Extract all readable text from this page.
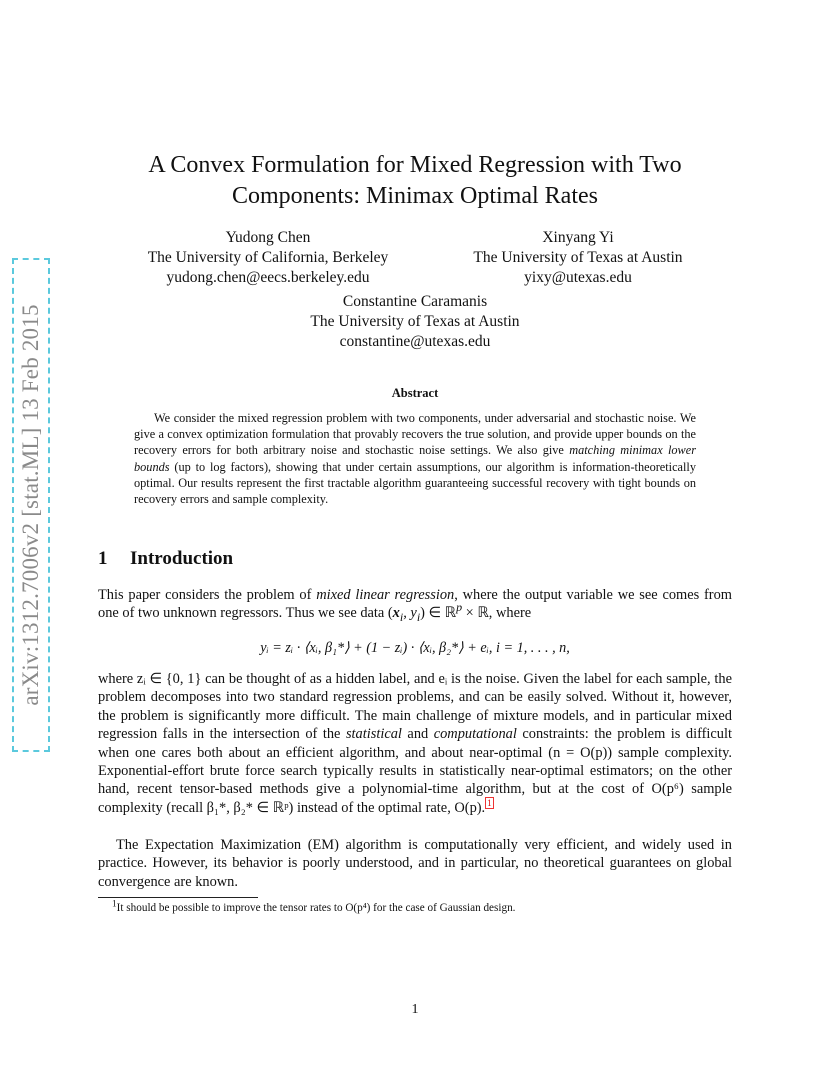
arXiv:1312.7006v2 [stat.ML] 13 Feb 2015
A Convex Formulation for Mixed Regression with Two
Components: Minimax Optimal Rates
Yudong Chen
The University of California, Berkeley
yudong.chen@eecs.berkeley.edu
Xinyang Yi
The University of Texas at Austin
yixy@utexas.edu
Constantine Caramanis
The University of Texas at Austin
constantine@utexas.edu
Abstract
We consider the mixed regression problem with two components, under adversarial and stochastic noise. We give a convex optimization formulation that provably recovers the true solution, and provide upper bounds on the recovery errors for both arbitrary noise and stochastic noise settings. We also give matching minimax lower bounds (up to log factors), showing that under certain assumptions, our algorithm is information-theoretically optimal. Our results represent the first tractable algorithm guaranteeing successful recovery with tight bounds on recovery errors and sample complexity.
1 Introduction
This paper considers the problem of mixed linear regression, where the output variable we see comes from one of two unknown regressors. Thus we see data ($x_i$, $y_i$) ∈ ℝ$^p$ × ℝ, where
yᵢ = zᵢ · ⟨xᵢ, β₁*⟩ + (1 − zᵢ) · ⟨xᵢ, β₂*⟩ + eᵢ, i = 1, . . . , n,
where zᵢ ∈ {0, 1} can be thought of as a hidden label, and eᵢ is the noise. Given the label for each sample, the problem decomposes into two standard regression problems, and can be easily solved. Without it, however, the problem is significantly more difficult. The main challenge of mixture models, and in particular mixed regression falls in the intersection of the statistical and computational constraints: the problem is difficult when one cares both about an efficient algorithm, and about near-optimal (n = O(p)) sample complexity. Exponential-effort brute force search typically results in statistically near-optimal estimators; on the other hand, recent tensor-based methods give a polynomial-time algorithm, but at the cost of O(p⁶) sample complexity (recall β₁*, β₂* ∈ ℝᵖ) instead of the optimal rate, O(p). $^1$
The Expectation Maximization (EM) algorithm is computationally very efficient, and widely used in practice. However, its behavior is poorly understood, and in particular, no theoretical guarantees on global convergence are known.
$^1$It should be possible to improve the tensor rates to O(p⁴) for the case of Gaussian design.
1
